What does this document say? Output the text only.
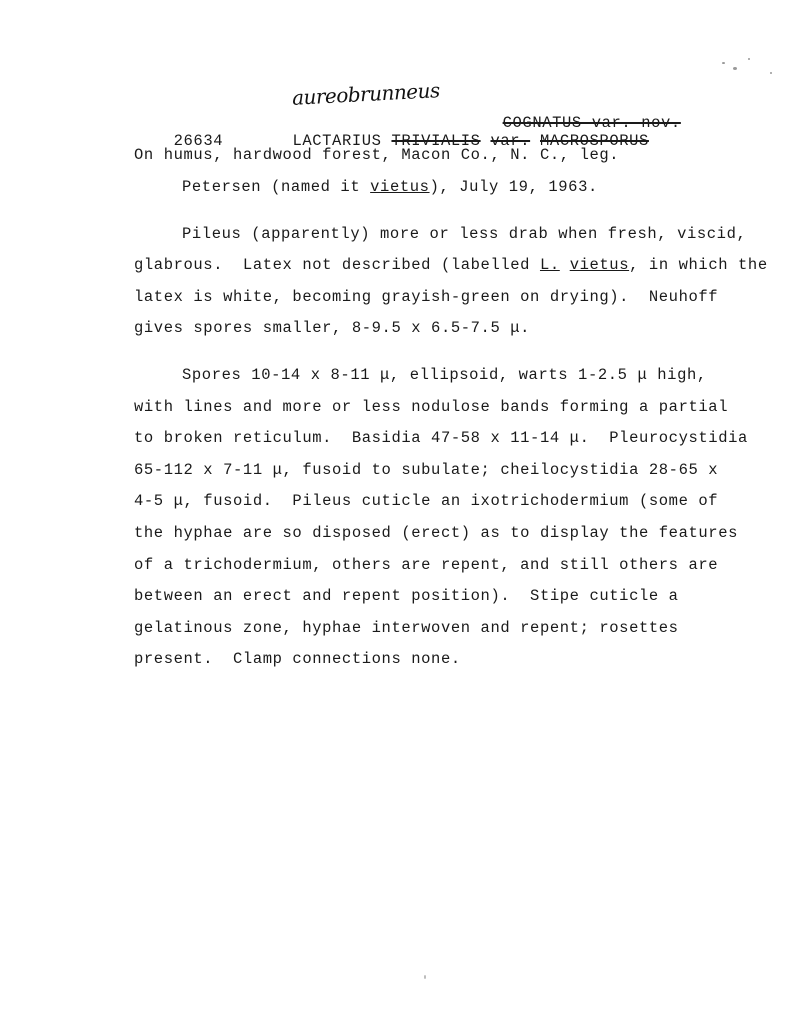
aureobrunneus

COGNATUS var. nov.

26634	LACTARIUS TRIVIALIS var. MACROSPORUS

On humus, hardwood forest, Macon Co., N. C., leg.
Petersen (named it vietus), July 19, 1963.
Pileus (apparently) more or less drab when fresh, viscid,
glabrous.  Latex not described (labelled L. vietus, in which the
latex is white, becoming grayish-green on drying).  Neuhoff
gives spores smaller, 8-9.5 x 6.5-7.5 μ.
Spores 10-14 x 8-11 μ, ellipsoid, warts 1-2.5 μ high,
with lines and more or less nodulose bands forming a partial
to broken reticulum.  Basidia 47-58 x 11-14 μ.  Pleurocystidia
65-112 x 7-11 μ, fusoid to subulate; cheilocystidia 28-65 x
4-5 μ, fusoid.  Pileus cuticle an ixotrichodermium (some of
the hyphae are so disposed (erect) as to display the features
of a trichodermium, others are repent, and still others are
between an erect and repent position).  Stipe cuticle a
gelatinous zone, hyphae interwoven and repent; rosettes
present.  Clamp connections none.
